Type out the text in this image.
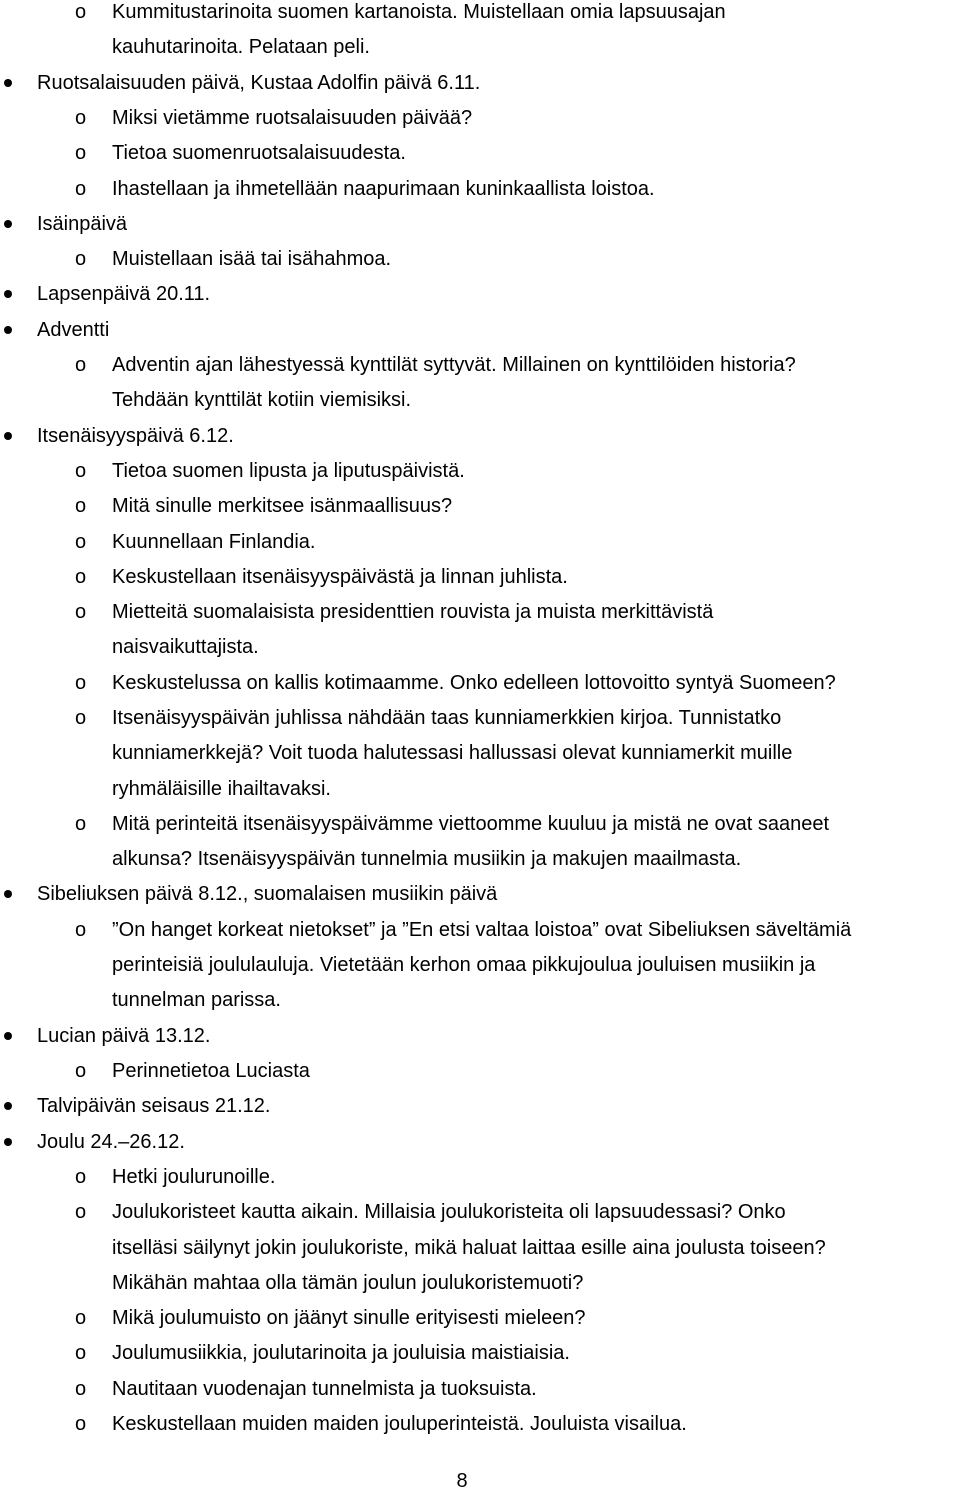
o Kummitustarinoita suomen kartanoista. Muistellaan omia lapsuusajan
kauhutarinoita. Pelataan peli.
Ruotsalaisuuden päivä, Kustaa Adolfin päivä 6.11.
o Miksi vietämme ruotsalaisuuden päivää?
o Tietoa suomenruotsalaisuudesta.
o Ihastellaan ja ihmetellään naapurimaan kuninkaallista loistoa.
Isäinpäivä
o Muistellaan isää tai isähahmoa.
Lapsenpäivä 20.11.
Adventti
o Adventin ajan lähestyessä kynttilät syttyvät. Millainen on kynttilöiden historia?
Tehdään kynttilät kotiin viemisiksi.
Itsenäisyyspäivä 6.12.
o Tietoa suomen lipusta ja liputuspäivistä.
o Mitä sinulle merkitsee isänmaallisuus?
o Kuunnellaan Finlandia.
o Keskustellaan itsenäisyyspäivästä ja linnan juhlista.
o Mietteitä suomalaisista presidenttien rouvista ja muista merkittävistä
naisvaikuttajista.
o Keskustelussa on kallis kotimaamme. Onko edelleen lottovoitto syntyä Suomeen?
o Itsenäisyyspäivän juhlissa nähdään taas kunniamerkkien kirjoa. Tunnistatko
kunniamerkkejä? Voit tuoda halutessasi hallussasi olevat kunniamerkit muille
ryhmäläisille ihailtavaksi.
o Mitä perinteitä itsenäisyyspäivämme viettoomme kuuluu ja mistä ne ovat saaneet
alkunsa? Itsenäisyyspäivän tunnelmia musiikin ja makujen maailmasta.
Sibeliuksen päivä 8.12., suomalaisen musiikin päivä
o ”On hanget korkeat nietokset” ja ”En etsi valtaa loistoa” ovat Sibeliuksen säveltämiä
perinteisiä joululauluja. Vietetään kerhon omaa pikkujoulua jouluisen musiikin ja
tunnelman parissa.
Lucian päivä 13.12.
o Perinnetietoa Luciasta
Talvipäivän seisaus 21.12.
Joulu 24.–26.12.
o Hetki joulurunoille.
o Joulukoristeet kautta aikain. Millaisia joulukoristeita oli lapsuudessasi? Onko
itselläsi säilynyt jokin joulukoriste, mikä haluat laittaa esille aina joulusta toiseen?
Mikähän mahtaa olla tämän joulun joulukoristemuoti?
o Mikä joulumuisto on jäänyt sinulle erityisesti mieleen?
o Joulumusiikkia, joulutarinoita ja jouluisia maistiaisia.
o Nautitaan vuodenajan tunnelmista ja tuoksuista.
o Keskustellaan muiden maiden jouluperinteistä. Jouluista visailua.
8
